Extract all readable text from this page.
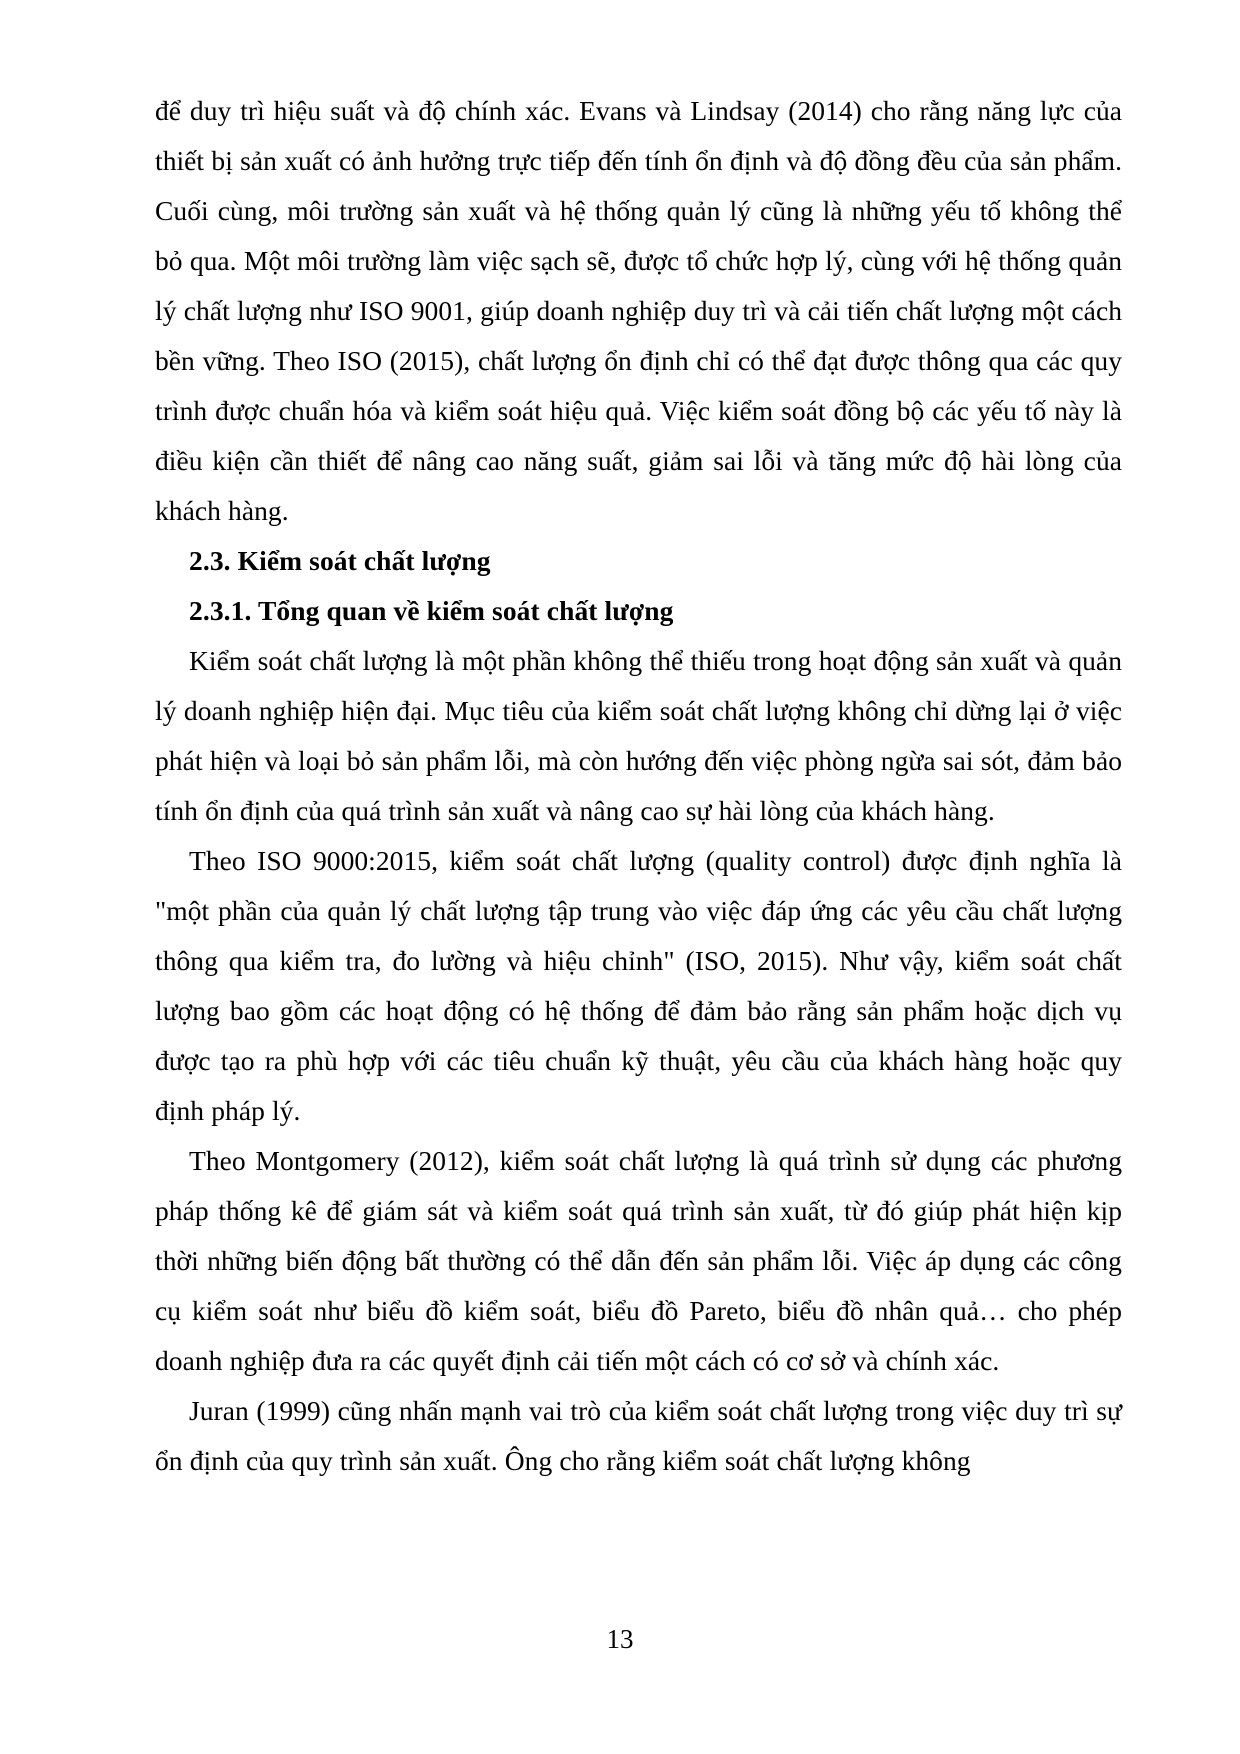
để duy trì hiệu suất và độ chính xác. Evans và Lindsay (2014) cho rằng năng lực của thiết bị sản xuất có ảnh hưởng trực tiếp đến tính ổn định và độ đồng đều của sản phẩm. Cuối cùng, môi trường sản xuất và hệ thống quản lý cũng là những yếu tố không thể bỏ qua. Một môi trường làm việc sạch sẽ, được tổ chức hợp lý, cùng với hệ thống quản lý chất lượng như ISO 9001, giúp doanh nghiệp duy trì và cải tiến chất lượng một cách bền vững. Theo ISO (2015), chất lượng ổn định chỉ có thể đạt được thông qua các quy trình được chuẩn hóa và kiểm soát hiệu quả. Việc kiểm soát đồng bộ các yếu tố này là điều kiện cần thiết để nâng cao năng suất, giảm sai lỗi và tăng mức độ hài lòng của khách hàng.

2.3. Kiểm soát chất lượng
2.3.1. Tổng quan về kiểm soát chất lượng

Kiểm soát chất lượng là một phần không thể thiếu trong hoạt động sản xuất và quản lý doanh nghiệp hiện đại. Mục tiêu của kiểm soát chất lượng không chỉ dừng lại ở việc phát hiện và loại bỏ sản phẩm lỗi, mà còn hướng đến việc phòng ngừa sai sót, đảm bảo tính ổn định của quá trình sản xuất và nâng cao sự hài lòng của khách hàng.

Theo ISO 9000:2015, kiểm soát chất lượng (quality control) được định nghĩa là "một phần của quản lý chất lượng tập trung vào việc đáp ứng các yêu cầu chất lượng thông qua kiểm tra, đo lường và hiệu chỉnh" (ISO, 2015). Như vậy, kiểm soát chất lượng bao gồm các hoạt động có hệ thống để đảm bảo rằng sản phẩm hoặc dịch vụ được tạo ra phù hợp với các tiêu chuẩn kỹ thuật, yêu cầu của khách hàng hoặc quy định pháp lý.

Theo Montgomery (2012), kiểm soát chất lượng là quá trình sử dụng các phương pháp thống kê để giám sát và kiểm soát quá trình sản xuất, từ đó giúp phát hiện kịp thời những biến động bất thường có thể dẫn đến sản phẩm lỗi. Việc áp dụng các công cụ kiểm soát như biểu đồ kiểm soát, biểu đồ Pareto, biểu đồ nhân quả… cho phép doanh nghiệp đưa ra các quyết định cải tiến một cách có cơ sở và chính xác.

Juran (1999) cũng nhấn mạnh vai trò của kiểm soát chất lượng trong việc duy trì sự ổn định của quy trình sản xuất. Ông cho rằng kiểm soát chất lượng không

13
